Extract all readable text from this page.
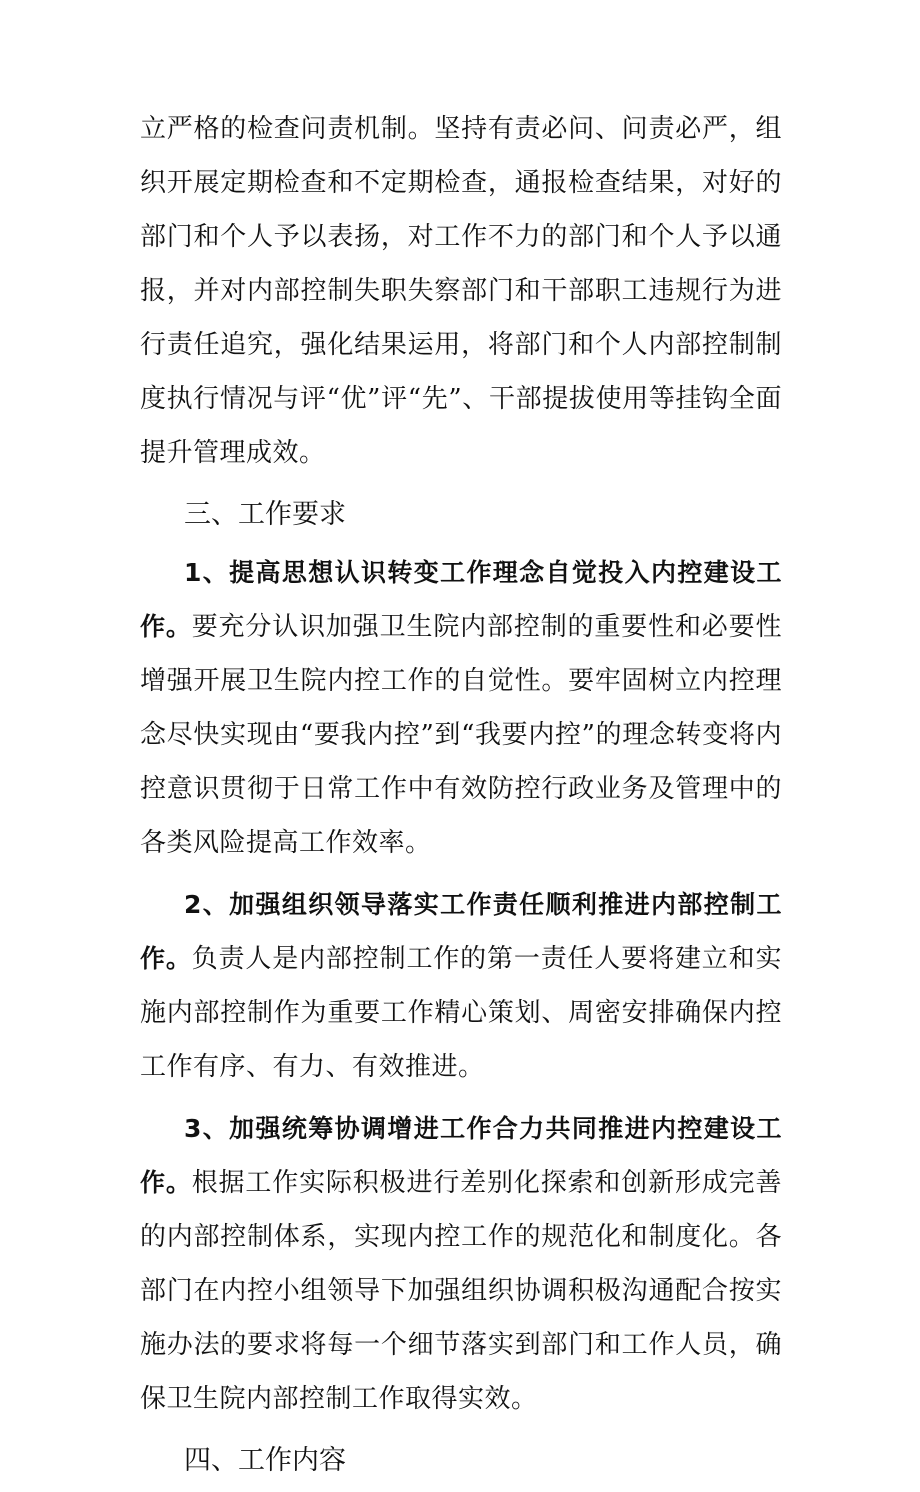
立严格的检查问责机制。坚持有责必问、问责必严，组织开展定期检查和不定期检查，通报检查结果，对好的部门和个人予以表扬，对工作不力的部门和个人予以通报，并对内部控制失职失察部门和干部职工违规行为进行责任追究，强化结果运用，将部门和个人内部控制制度执行情况与评“优”评“先”、干部提拔使用等挂钩全面提升管理成效。

三、工作要求

1、提高思想认识转变工作理念自觉投入内控建设工作。要充分认识加强卫生院内部控制的重要性和必要性增强开展卫生院内控工作的自觉性。要牢固树立内控理念尽快实现由“要我内控”到“我要内控”的理念转变将内控意识贯彻于日常工作中有效防控行政业务及管理中的各类风险提高工作效率。

2、加强组织领导落实工作责任顺利推进内部控制工作。负责人是内部控制工作的第一责任人要将建立和实施内部控制作为重要工作精心策划、周密安排确保内控工作有序、有力、有效推进。

3、加强统筹协调增进工作合力共同推进内控建设工作。根据工作实际积极进行差别化探索和创新形成完善的内部控制体系，实现内控工作的规范化和制度化。各部门在内控小组领导下加强组织协调积极沟通配合按实施办法的要求将每一个细节落实到部门和工作人员，确保卫生院内部控制工作取得实效。

四、工作内容
